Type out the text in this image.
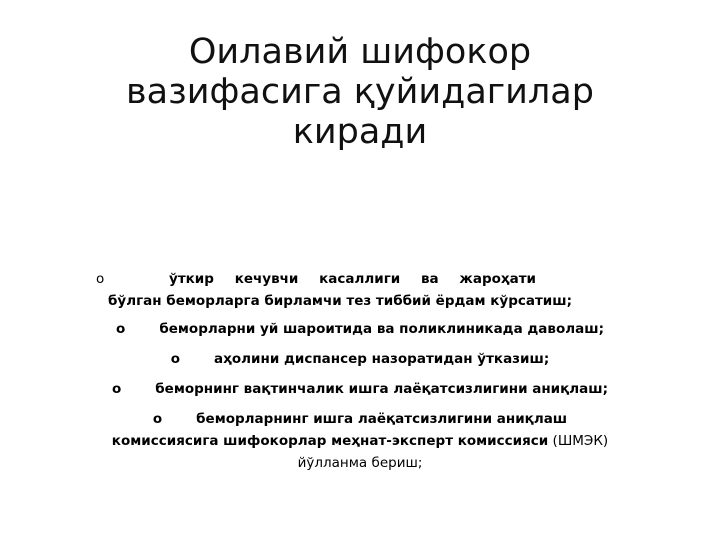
Оилавий шифокор
вазифасига қуйидагилар
киради
о	ўткир кечувчи касаллиги ва жароҳати
бўлган беморларга бирламчи тез тиббий ёрдам кўрсатиш;
о	беморларни уй шароитида ва поликлиникада даволаш;
о	аҳолини диспансер назоратидан ўтказиш;
о	беморнинг вақтинчалик ишга лаёқатсизлигини аниқлаш;
о	беморларнинг ишга лаёқатсизлигини аниқлаш
комиссиясига шифокорлар меҳнат-эксперт комиссияси (ШМЭК)
йўлланма бериш;
